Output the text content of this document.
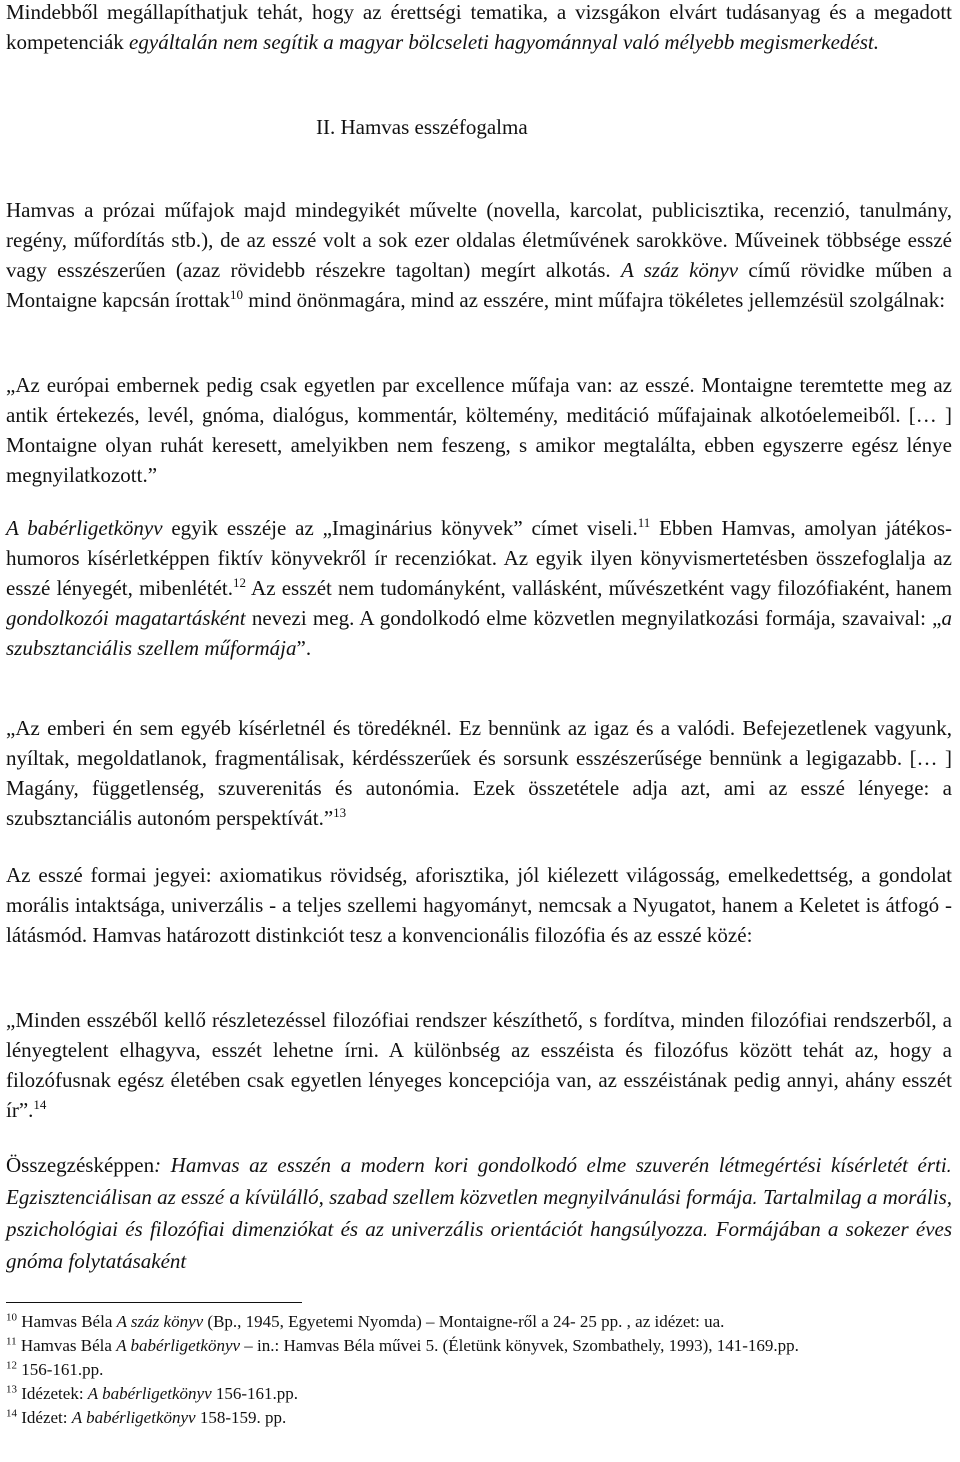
Mindebből megállapíthatjuk tehát, hogy az érettségi tematika, a vizsgákon elvárt tudásanyag és a megadott kompetenciák egyáltalán nem segítik a magyar bölcseleti hagyománnyal való mélyebb megismerkedést.

II. Hamvas esszéfogalma

Hamvas a prózai műfajok majd mindegyikét művelte (novella, karcolat, publicisztika, recenzió, tanulmány, regény, műfordítás stb.), de az esszé volt a sok ezer oldalas életművének sarokköve. Műveinek többsége esszé vagy esszészerűen (azaz rövidebb részekre tagoltan) megírt alkotás. A száz könyv című rövidke műben a Montaigne kapcsán írottak$^{10}$ mind önönmagára, mind az esszére, mint műfajra tökéletes jellemzésül szolgálnak:

„Az európai embernek pedig csak egyetlen par excellence műfaja van: az esszé. Montaigne teremtette meg az antik értekezés, levél, gnóma, dialógus, kommentár, költemény, meditáció műfajainak alkotóelemeiből. [… ] Montaigne olyan ruhát keresett, amelyikben nem feszeng, s amikor megtalálta, ebben egyszerre egész lénye megnyilatkozott.”

A babérligetkönyv egyik esszéje az „Imaginárius könyvek” címet viseli.$^{11}$ Ebben Hamvas, amolyan játékos-humoros kísérletképpen fiktív könyvekről ír recenziókat. Az egyik ilyen könyvismertetésben összefoglalja az esszé lényegét, mibenlétét.$^{12}$ Az esszét nem tudományként, vallásként, művészetként vagy filozófiaként, hanem gondolkozói magatartásként nevezi meg. A gondolkodó elme közvetlen megnyilatkozási formája, szavaival: „a szubsztanciális szellem műformája”.

„Az emberi én sem egyéb kísérletnél és töredéknél. Ez bennünk az igaz és a valódi. Befejezetlenek vagyunk, nyíltak, megoldatlanok, fragmentálisak, kérdésszerűek és sorsunk esszészerűsége bennünk a legigazabb. [… ] Magány, függetlenség, szuverenitás és autonómia. Ezek összetétele adja azt, ami az esszé lényege: a szubsztanciális autonóm perspektívát.”$^{13}$

Az esszé formai jegyei: axiomatikus rövidség, aforisztika, jól kiélezett világosság, emelkedettség, a gondolat morális intaktsága, univerzális - a teljes szellemi hagyományt, nemcsak a Nyugatot, hanem a Keletet is átfogó - látásmód. Hamvas határozott distinkciót tesz a konvencionális filozófia és az esszé közé:

„Minden esszéből kellő részletezéssel filozófiai rendszer készíthető, s fordítva, minden filozófiai rendszerből, a lényegtelent elhagyva, esszét lehetne írni. A különbség az esszéista és filozófus között tehát az, hogy a filozófusnak egész életében csak egyetlen lényeges koncepciója van, az esszéistának pedig annyi, ahány esszét ír”.$^{14}$

Összegzésképpen: Hamvas az esszén a modern kori gondolkodó elme szuverén létmegértési kísérletét érti. Egzisztenciálisan az esszé a kívülálló, szabad szellem közvetlen megnyilvánulási formája. Tartalmilag a morális, pszichológiai és filozófiai dimenziókat és az univerzális orientációt hangsúlyozza. Formájában a sokezer éves gnóma folytatásaként

$^{10}$ Hamvas Béla A száz könyv (Bp., 1945, Egyetemi Nyomda) – Montaigne-ről a 24- 25 pp. , az idézet: ua.

$^{11}$ Hamvas Béla A babérligetkönyv – in.: Hamvas Béla művei 5. (Életünk könyvek, Szombathely, 1993), 141-169.pp.

$^{12}$ 156-161.pp.

$^{13}$ Idézetek: A babérligetkönyv 156-161.pp.

$^{14}$ Idézet: A babérligetkönyv 158-159. pp.
